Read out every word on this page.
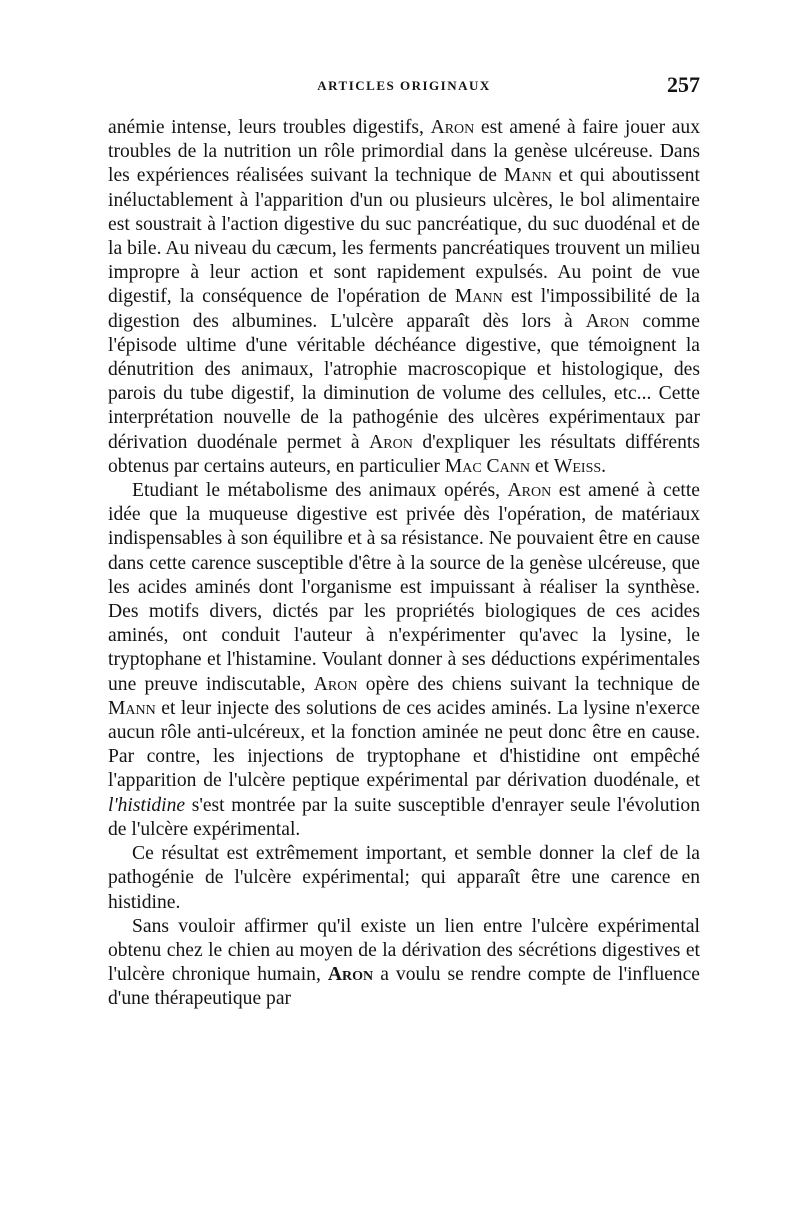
ARTICLES ORIGINAUX	257

anémie intense, leurs troubles digestifs, Aron est amené à faire jouer aux troubles de la nutrition un rôle primordial dans la genèse ulcéreuse. Dans les expériences réalisées suivant la technique de Mann et qui aboutissent inéluctablement à l'apparition d'un ou plusieurs ulcères, le bol alimentaire est soustrait à l'action digestive du suc pancréatique, du suc duodénal et de la bile. Au niveau du cæcum, les ferments pancréatiques trouvent un milieu impropre à leur action et sont rapidement expulsés. Au point de vue digestif, la conséquence de l'opération de Mann est l'impossibilité de la digestion des albumines. L'ulcère apparaît dès lors à Aron comme l'épisode ultime d'une véritable déchéance digestive, que témoignent la dénutrition des animaux, l'atrophie macroscopique et histologique, des parois du tube digestif, la diminution de volume des cellules, etc... Cette interprétation nouvelle de la pathogénie des ulcères expérimentaux par dérivation duodénale permet à Aron d'expliquer les résultats différents obtenus par certains auteurs, en particulier Mac Cann et Weiss.

Etudiant le métabolisme des animaux opérés, Aron est amené à cette idée que la muqueuse digestive est privée dès l'opération, de matériaux indispensables à son équilibre et à sa résistance. Ne pouvaient être en cause dans cette carence susceptible d'être à la source de la genèse ulcéreuse, que les acides aminés dont l'organisme est impuissant à réaliser la synthèse. Des motifs divers, dictés par les propriétés biologiques de ces acides aminés, ont conduit l'auteur à n'expérimenter qu'avec la lysine, le tryptophane et l'histamine. Voulant donner à ses déductions expérimentales une preuve indiscutable, Aron opère des chiens suivant la technique de Mann et leur injecte des solutions de ces acides aminés. La lysine n'exerce aucun rôle anti-ulcéreux, et la fonction aminée ne peut donc être en cause. Par contre, les injections de tryptophane et d'histidine ont empêché l'apparition de l'ulcère peptique expérimental par dérivation duodénale, et l'histidine s'est montrée par la suite susceptible d'enrayer seule l'évolution de l'ulcère expérimental.

Ce résultat est extrêmement important, et semble donner la clef de la pathogénie de l'ulcère expérimental; qui apparaît être une carence en histidine.

Sans vouloir affirmer qu'il existe un lien entre l'ulcère expérimental obtenu chez le chien au moyen de la dérivation des sécrétions digestives et l'ulcère chronique humain, Aron a voulu se rendre compte de l'influence d'une thérapeutique par
